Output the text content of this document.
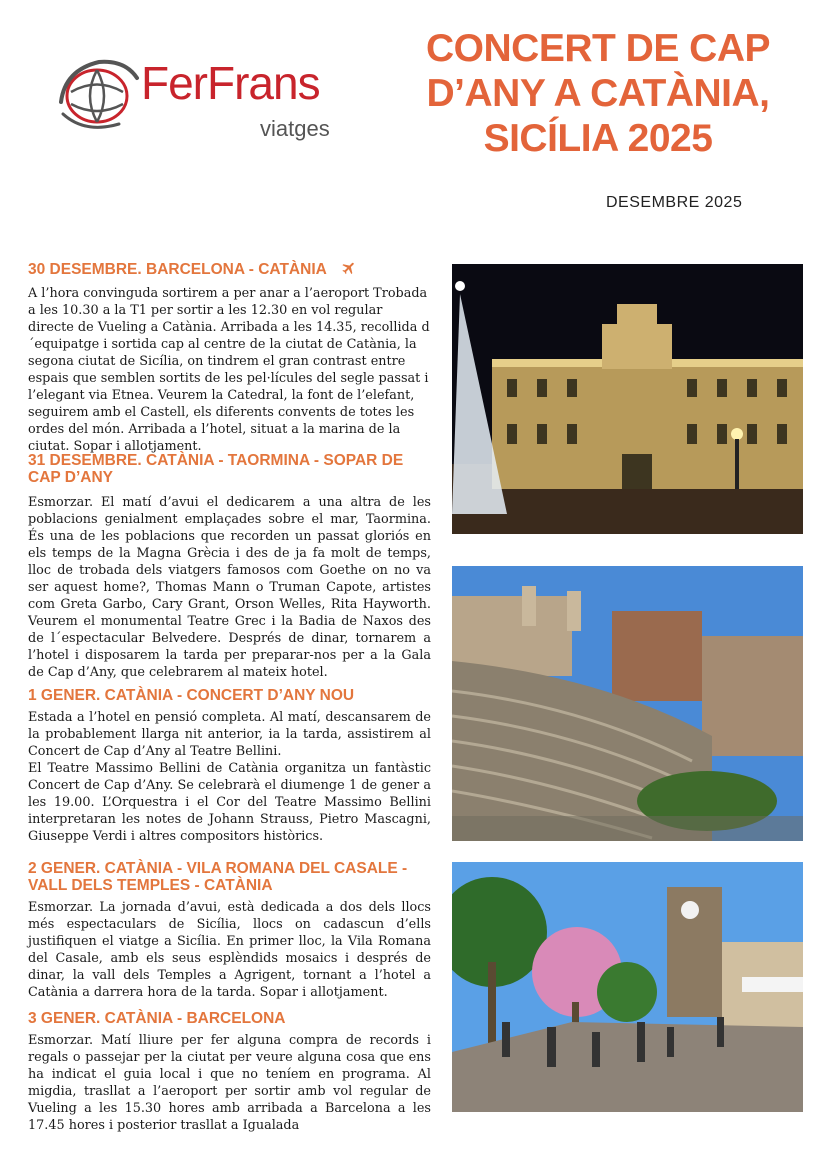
FerFrans
viatges
CONCERT DE CAP
D’ANY A CATÀNIA,
SICÍLIA 2025
DESEMBRE 2025

30 DESEMBRE. BARCELONA - CATÀNIA

A l’hora convinguda sortirem a per anar a l’aeroport Trobada a les 10.30 a la T1 per sortir a les 12.30 en vol regular directe de Vueling a Catània. Arribada a les 14.35, recollida d´equipatge i sortida cap al centre de la ciutat de Catània, la segona ciutat de Sicília, on tindrem el gran contrast entre espais que semblen sortits de les pel·lícules del segle passat i l’elegant via Etnea. Veurem la Catedral, la font de l’elefant, seguirem amb el Castell, els diferents convents de totes les ordes del món. Arribada a l’hotel, situat a la marina de la ciutat. Sopar i allotjament.

31 DESEMBRE. CATÀNIA - TAORMINA - SOPAR DE CAP D’ANY

Esmorzar. El matí d’avui el dedicarem a una altra de les poblacions genialment emplaçades sobre el mar, Taormina. És una de les poblacions que recorden un passat gloriós en els temps de la Magna Grècia i des de ja fa molt de temps, lloc de trobada dels viatgers famosos com Goethe on no va ser aquest home?, Thomas Mann o Truman Capote, artistes com Greta Garbo, Cary Grant, Orson Welles, Rita Hayworth. Veurem el monumental Teatre Grec i la Badia de Naxos des de l´espectacular Belvedere. Després de dinar, tornarem a l’hotel i disposarem la tarda per preparar-nos per a la Gala de Cap d’Any, que celebrarem al mateix hotel.

1 GENER. CATÀNIA - CONCERT D’ANY NOU

Estada a l’hotel en pensió completa. Al matí, descansarem de la probablement llarga nit anterior, ia la tarda, assistirem al Concert de Cap d’Any al Teatre Bellini.

El Teatre Massimo Bellini de Catània organitza un fantàstic Concert de Cap d’Any. Se celebrarà el diumenge 1 de gener a les 19.00. L’Orquestra i el Cor del Teatre Massimo Bellini interpretaran les notes de Johann Strauss, Pietro Mascagni, Giuseppe Verdi i altres compositors històrics.

2 GENER. CATÀNIA - VILA ROMANA DEL CASALE - VALL DELS TEMPLES - CATÀNIA

Esmorzar. La jornada d’avui, està dedicada a dos dels llocs més espectaculars de Sicília, llocs on cadascun d’ells justifiquen el viatge a Sicília. En primer lloc, la Vila Romana del Casale, amb els seus esplèndids mosaics i després de dinar, la vall dels Temples a Agrigent, tornant a l’hotel a Catània a darrera hora de la tarda. Sopar i allotjament.

3 GENER. CATÀNIA - BARCELONA

Esmorzar. Matí lliure per fer alguna compra de records i regals o passejar per la ciutat per veure alguna cosa que ens ha indicat el guia local i que no teníem en programa. Al migdia, trasllat a l’aeroport per sortir amb vol regular de Vueling a les 15.30 hores amb arribada a Barcelona a les 17.45 hores i posterior trasllat a Igualada
